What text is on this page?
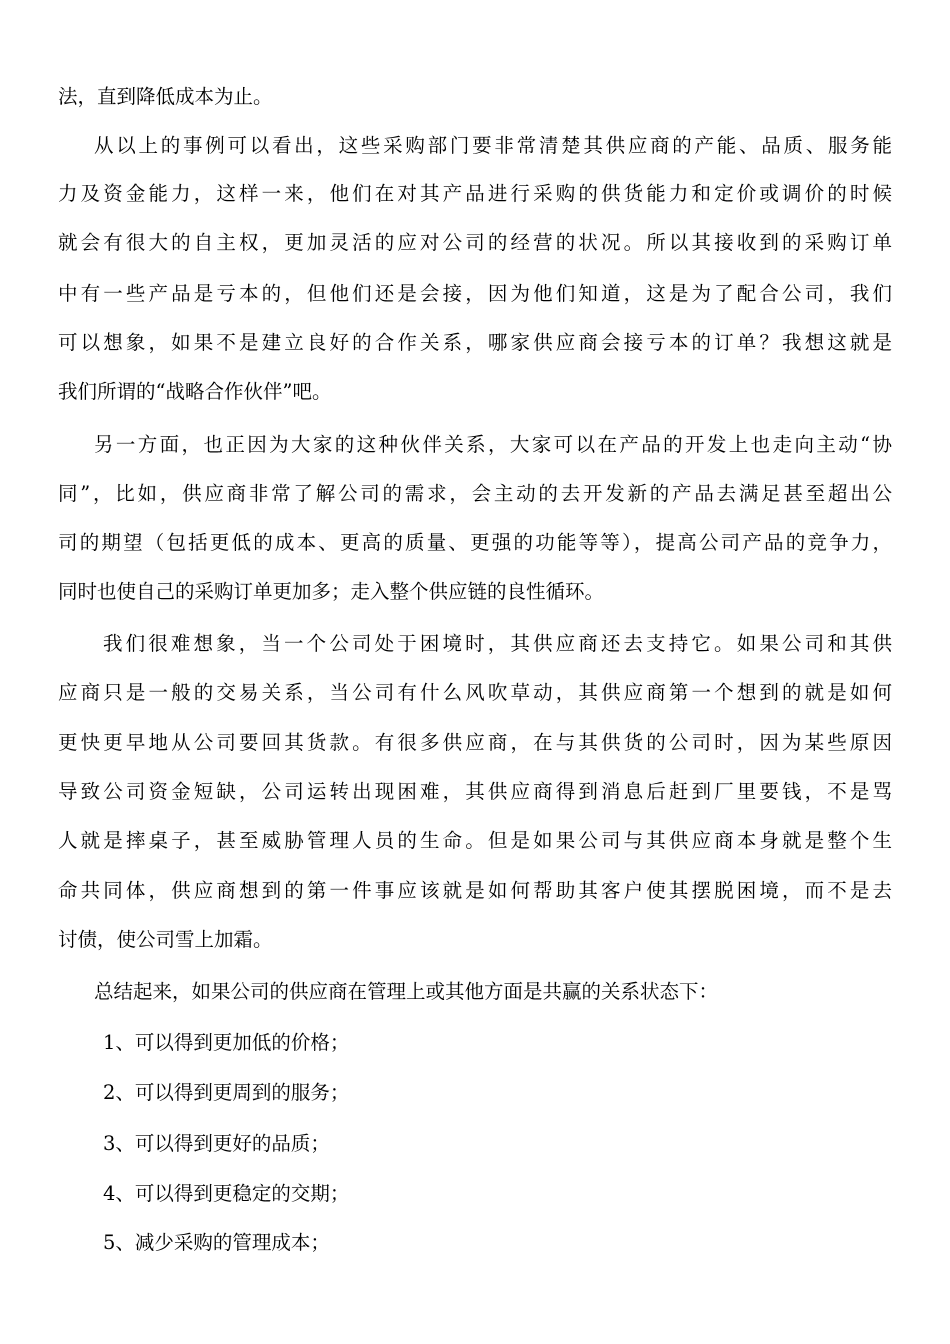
法，直到降低成本为止。
从以上的事例可以看出，这些采购部门要非常清楚其供应商的产能、品质、服务能
力及资金能力，这样一来，他们在对其产品进行采购的供货能力和定价或调价的时候
就会有很大的自主权，更加灵活的应对公司的经营的状况。所以其接收到的采购订单
中有一些产品是亏本的，但他们还是会接，因为他们知道，这是为了配合公司，我们
可以想象，如果不是建立良好的合作关系，哪家供应商会接亏本的订单？我想这就是
我们所谓的“战略合作伙伴”吧。
另一方面，也正因为大家的这种伙伴关系，大家可以在产品的开发上也走向主动“协
同”，比如，供应商非常了解公司的需求，会主动的去开发新的产品去满足甚至超出公
司的期望（包括更低的成本、更高的质量、更强的功能等等），提高公司产品的竞争力，
同时也使自己的采购订单更加多；走入整个供应链的良性循环。
我们很难想象，当一个公司处于困境时，其供应商还去支持它。如果公司和其供
应商只是一般的交易关系，当公司有什么风吹草动，其供应商第一个想到的就是如何
更快更早地从公司要回其货款。有很多供应商，在与其供货的公司时，因为某些原因
导致公司资金短缺，公司运转出现困难，其供应商得到消息后赶到厂里要钱，不是骂
人就是摔桌子，甚至威胁管理人员的生命。但是如果公司与其供应商本身就是整个生
命共同体，供应商想到的第一件事应该就是如何帮助其客户使其摆脱困境，而不是去
讨债，使公司雪上加霜。
总结起来，如果公司的供应商在管理上或其他方面是共赢的关系状态下：
1、可以得到更加低的价格；
2、可以得到更周到的服务；
3、可以得到更好的品质；
4、可以得到更稳定的交期；
5、减少采购的管理成本；
